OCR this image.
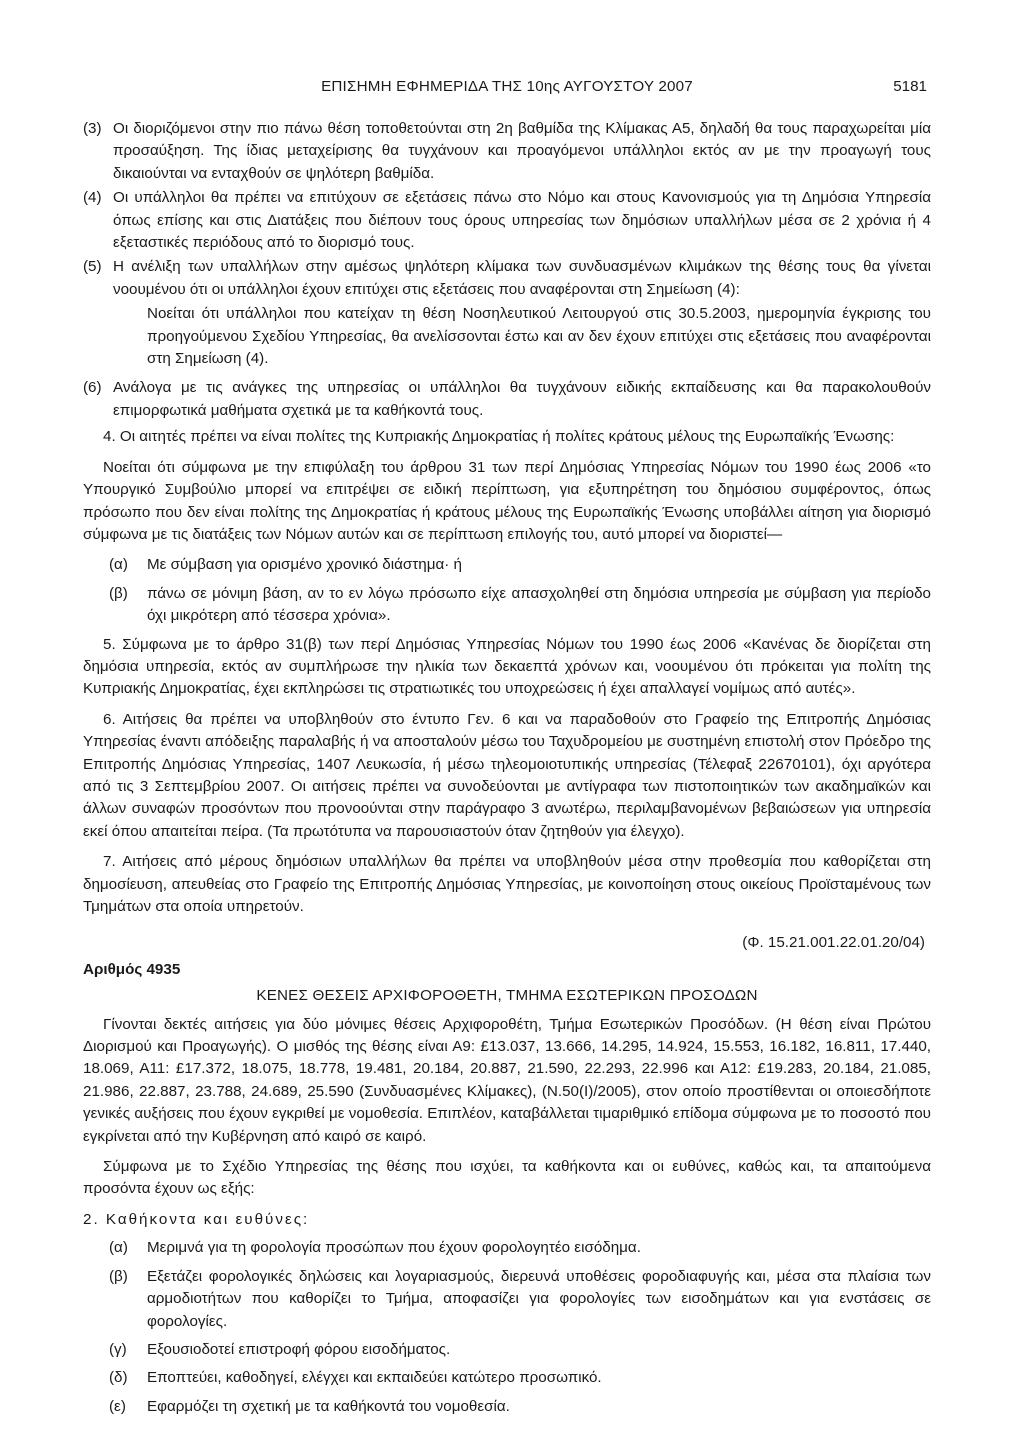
ΕΠΙΣΗΜΗ ΕΦΗΜΕΡΙΔΑ ΤΗΣ 10ης ΑΥΓΟΥΣΤΟΥ 2007	5181
(3) Οι διοριζόμενοι στην πιο πάνω θέση τοποθετούνται στη 2η βαθμίδα της Κλίμακας Α5, δηλαδή θα τους παραχωρείται μία προσαύξηση. Της ίδιας μεταχείρισης θα τυγχάνουν και προαγόμενοι υπάλληλοι εκτός αν με την προαγωγή τους δικαιούνται να ενταχθούν σε ψηλότερη βαθμίδα.
(4) Οι υπάλληλοι θα πρέπει να επιτύχουν σε εξετάσεις πάνω στο Νόμο και στους Κανονισμούς για τη Δημόσια Υπηρεσία όπως επίσης και στις Διατάξεις που διέπουν τους όρους υπηρεσίας των δημόσιων υπαλλήλων μέσα σε 2 χρόνια ή 4 εξεταστικές περιόδους από το διορισμό τους.
(5) Η ανέλιξη των υπαλλήλων στην αμέσως ψηλότερη κλίμακα των συνδυασμένων κλιμάκων της θέσης τους θα γίνεται νοουμένου ότι οι υπάλληλοι έχουν επιτύχει στις εξετάσεις που αναφέρονται στη Σημείωση (4):

Νοείται ότι υπάλληλοι που κατείχαν τη θέση Νοσηλευτικού Λειτουργού στις 30.5.2003, ημερομηνία έγκρισης του προηγούμενου Σχεδίου Υπηρεσίας, θα ανελίσσονται έστω και αν δεν έχουν επιτύχει στις εξετάσεις που αναφέρονται στη Σημείωση (4).

(6) Ανάλογα με τις ανάγκες της υπηρεσίας οι υπάλληλοι θα τυγχάνουν ειδικής εκπαίδευσης και θα παρακολουθούν επιμορφωτικά μαθήματα σχετικά με τα καθήκοντά τους.

4. Οι αιτητές πρέπει να είναι πολίτες της Κυπριακής Δημοκρατίας ή πολίτες κράτους μέλους της Ευρωπαϊκής Ένωσης:

Νοείται ότι σύμφωνα με την επιφύλαξη του άρθρου 31 των περί Δημόσιας Υπηρεσίας Νόμων του 1990 έως 2006 «το Υπουργικό Συμβούλιο μπορεί να επιτρέψει σε ειδική περίπτωση, για εξυπηρέτηση του δημόσιου συμφέροντος, όπως πρόσωπο που δεν είναι πολίτης της Δημοκρατίας ή κράτους μέλους της Ευρωπαϊκής Ένωσης υποβάλλει αίτηση για διορισμό σύμφωνα με τις διατάξεις των Νόμων αυτών και σε περίπτωση επιλογής του, αυτό μπορεί να διοριστεί—

(α)	Με σύμβαση για ορισμένο χρονικό διάστημα· ή
(β)	πάνω σε μόνιμη βάση, αν το εν λόγω πρόσωπο είχε απασχοληθεί στη δημόσια υπηρεσία με σύμβαση για περίοδο όχι μικρότερη από τέσσερα χρόνια».

5. Σύμφωνα με το άρθρο 31(β) των περί Δημόσιας Υπηρεσίας Νόμων του 1990 έως 2006 «Κανένας δε διορίζεται στη δημόσια υπηρεσία, εκτός αν συμπλήρωσε την ηλικία των δεκαεπτά χρόνων και, νοουμένου ότι πρόκειται για πολίτη της Κυπριακής Δημοκρατίας, έχει εκπληρώσει τις στρατιωτικές του υποχρεώσεις ή έχει απαλλαγεί νομίμως από αυτές».

6. Αιτήσεις θα πρέπει να υποβληθούν στο έντυπο Γεν. 6 και να παραδοθούν στο Γραφείο της Επιτροπής Δημόσιας Υπηρεσίας έναντι απόδειξης παραλαβής ή να αποσταλούν μέσω του Ταχυδρομείου με συστημένη επιστολή στον Πρόεδρο της Επιτροπής Δημόσιας Υπηρεσίας, 1407 Λευκωσία, ή μέσω τηλεομοιοτυπικής υπηρεσίας (Τέλεφαξ 22670101), όχι αργότερα από τις 3 Σεπτεμβρίου 2007. Οι αιτήσεις πρέπει να συνοδεύονται με αντίγραφα των πιστοποιητικών των ακαδημαϊκών και άλλων συναφών προσόντων που προνοούνται στην παράγραφο 3 ανωτέρω, περιλαμβανομένων βεβαιώσεων για υπηρεσία εκεί όπου απαιτείται πείρα. (Τα πρωτότυπα να παρουσιαστούν όταν ζητηθούν για έλεγχο).

7. Αιτήσεις από μέρους δημόσιων υπαλλήλων θα πρέπει να υποβληθούν μέσα στην προθεσμία που καθορίζεται στη δημοσίευση, απευθείας στο Γραφείο της Επιτροπής Δημόσιας Υπηρεσίας, με κοινοποίηση στους οικείους Προϊσταμένους των Τμημάτων στα οποία υπηρετούν.

(Φ. 15.21.001.22.01.20/04)
Αριθμός 4935
ΚΕΝΕΣ ΘΕΣΕΙΣ ΑΡΧΙΦΟΡΟΘΕΤΗ, ΤΜΗΜΑ ΕΣΩΤΕΡΙΚΩΝ ΠΡΟΣΟΔΩΝ

Γίνονται δεκτές αιτήσεις για δύο μόνιμες θέσεις Αρχιφοροθέτη, Τμήμα Εσωτερικών Προσόδων. (Η θέση είναι Πρώτου Διορισμού και Προαγωγής). Ο μισθός της θέσης είναι Α9: £13.037, 13.666, 14.295, 14.924, 15.553, 16.182, 16.811, 17.440, 18.069, Α11: £17.372, 18.075, 18.778, 19.481, 20.184, 20.887, 21.590, 22.293, 22.996 και Α12: £19.283, 20.184, 21.085, 21.986, 22.887, 23.788, 24.689, 25.590 (Συνδυασμένες Κλίμακες), (Ν.50(Ι)/2005), στον οποίο προστίθενται οι οποιεσδήποτε γενικές αυξήσεις που έχουν εγκριθεί με νομοθεσία. Επιπλέον, καταβάλλεται τιμαριθμικό επίδομα σύμφωνα με το ποσοστό που εγκρίνεται από την Κυβέρνηση από καιρό σε καιρό.

Σύμφωνα με το Σχέδιο Υπηρεσίας της θέσης που ισχύει, τα καθήκοντα και οι ευθύνες, καθώς και, τα απαιτούμενα προσόντα έχουν ως εξής:

2. Καθήκοντα και ευθύνες:
(α)	Μεριμνά για τη φορολογία προσώπων που έχουν φορολογητέο εισόδημα.
(β)	Εξετάζει φορολογικές δηλώσεις και λογαριασμούς, διερευνά υποθέσεις φοροδιαφυγής και, μέσα στα πλαίσια των αρμοδιοτήτων που καθορίζει το Τμήμα, αποφασίζει για φορολογίες των εισοδημάτων και για ενστάσεις σε φορολογίες.
(γ)	Εξουσιοδοτεί επιστροφή φόρου εισοδήματος.
(δ)	Εποπτεύει, καθοδηγεί, ελέγχει και εκπαιδεύει κατώτερο προσωπικό.
(ε)	Εφαρμόζει τη σχετική με τα καθήκοντά του νομοθεσία.
